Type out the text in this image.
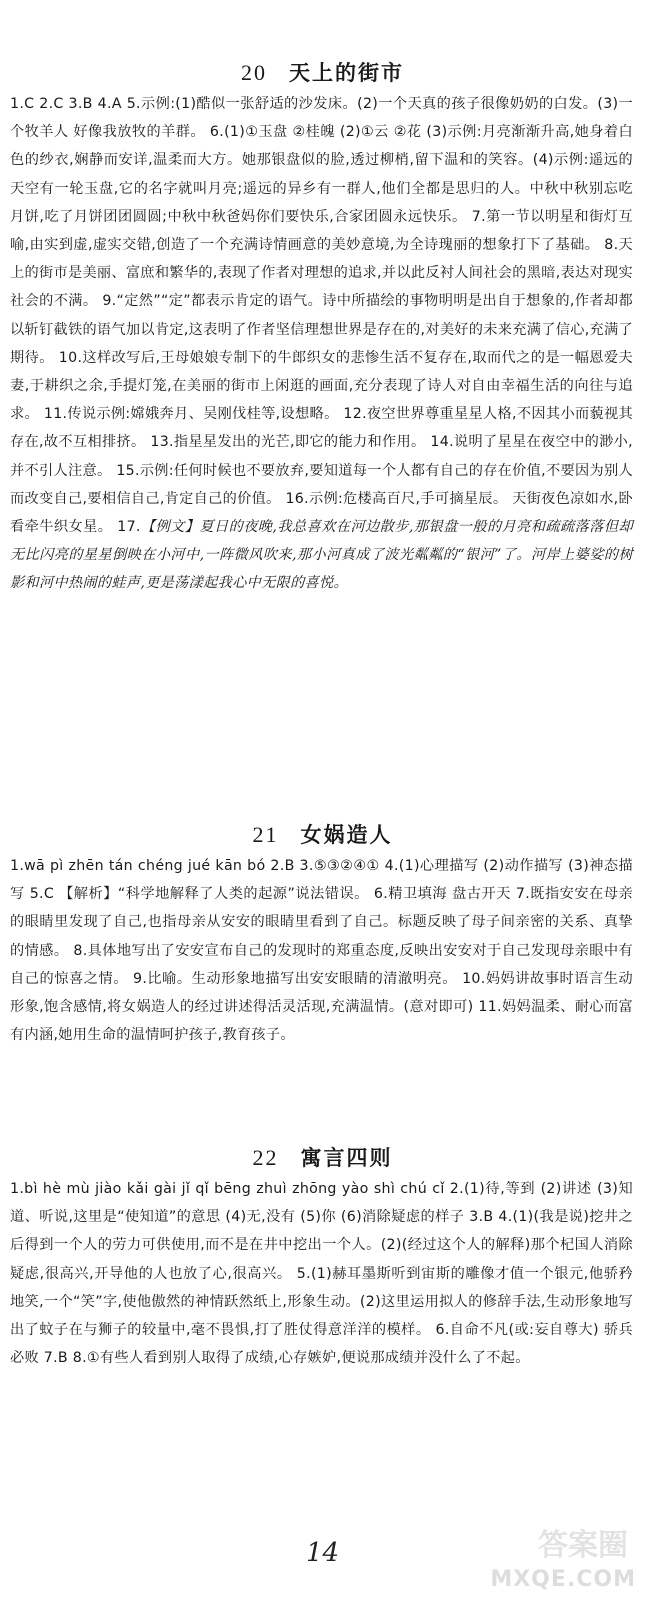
20 天上的街市

1.C 2.C 3.B 4.A 5.示例:(1)酷似一张舒适的沙发床。(2)一个天真的孩子很像奶奶的白发。(3)一个牧羊人 好像我放牧的羊群。 6.(1)①玉盘 ②桂魄 (2)①云 ②花 (3)示例:月亮渐渐升高,她身着白色的纱衣,娴静而安详,温柔而大方。她那银盘似的脸,透过柳梢,留下温和的笑容。(4)示例:遥远的天空有一轮玉盘,它的名字就叫月亮;遥远的异乡有一群人,他们全都是思归的人。中秋中秋别忘吃月饼,吃了月饼团团圆圆;中秋中秋爸妈你们要快乐,合家团圆永远快乐。 7.第一节以明星和街灯互喻,由实到虚,虚实交错,创造了一个充满诗情画意的美妙意境,为全诗瑰丽的想象打下了基础。 8.天上的街市是美丽、富庶和繁华的,表现了作者对理想的追求,并以此反衬人间社会的黑暗,表达对现实社会的不满。 9.“定然”“定”都表示肯定的语气。诗中所描绘的事物明明是出自于想象的,作者却都以斩钉截铁的语气加以肯定,这表明了作者坚信理想世界是存在的,对美好的未来充满了信心,充满了期待。 10.这样改写后,王母娘娘专制下的牛郎织女的悲惨生活不复存在,取而代之的是一幅恩爱夫妻,于耕织之余,手提灯笼,在美丽的街市上闲逛的画面,充分表现了诗人对自由幸福生活的向往与追求。 11.传说示例:嫦娥奔月、吴刚伐桂等,设想略。 12.夜空世界尊重星星人格,不因其小而藐视其存在,故不互相排挤。 13.指星星发出的光芒,即它的能力和作用。 14.说明了星星在夜空中的渺小,并不引人注意。 15.示例:任何时候也不要放弃,要知道每一个人都有自己的存在价值,不要因为别人而改变自己,要相信自己,肯定自己的价值。 16.示例:危楼高百尺,手可摘星辰。 天街夜色凉如水,卧看牵牛织女星。 17.【例文】夏日的夜晚,我总喜欢在河边散步,那银盘一般的月亮和疏疏落落但却无比闪亮的星星倒映在小河中,一阵微风吹来,那小河真成了波光粼粼的“银河”了。河岸上婆娑的树影和河中热闹的蛙声,更是荡漾起我心中无限的喜悦。

21 女娲造人

1.wā pì zhēn tán chéng jué kān bó 2.B 3.⑤③②④① 4.(1)心理描写 (2)动作描写 (3)神态描写 5.C 【解析】“科学地解释了人类的起源”说法错误。 6.精卫填海 盘古开天 7.既指安安在母亲的眼睛里发现了自己,也指母亲从安安的眼睛里看到了自己。标题反映了母子间亲密的关系、真挚的情感。 8.具体地写出了安安宣布自己的发现时的郑重态度,反映出安安对于自己发现母亲眼中有自己的惊喜之情。 9.比喻。生动形象地描写出安安眼睛的清澈明亮。 10.妈妈讲故事时语言生动形象,饱含感情,将女娲造人的经过讲述得活灵活现,充满温情。(意对即可) 11.妈妈温柔、耐心而富有内涵,她用生命的温情呵护孩子,教育孩子。

22 寓言四则

1.bì hè mù jiào kǎi gài jǐ qǐ bēng zhuì zhōng yào shì chú cǐ 2.(1)待,等到 (2)讲述 (3)知道、听说,这里是“使知道”的意思 (4)无,没有 (5)你 (6)消除疑虑的样子 3.B 4.(1)(我是说)挖井之后得到一个人的劳力可供使用,而不是在井中挖出一个人。(2)(经过这个人的解释)那个杞国人消除疑虑,很高兴,开导他的人也放了心,很高兴。 5.(1)赫耳墨斯听到宙斯的雕像才值一个银元,他骄矜地笑,一个“笑”字,使他傲然的神情跃然纸上,形象生动。(2)这里运用拟人的修辞手法,生动形象地写出了蚊子在与狮子的较量中,毫不畏惧,打了胜仗得意洋洋的模样。 6.自命不凡(或:妄自尊大) 骄兵必败 7.B 8.①有些人看到别人取得了成绩,心存嫉妒,便说那成绩并没什么了不起。

14	答案圈
MXQE.COM
